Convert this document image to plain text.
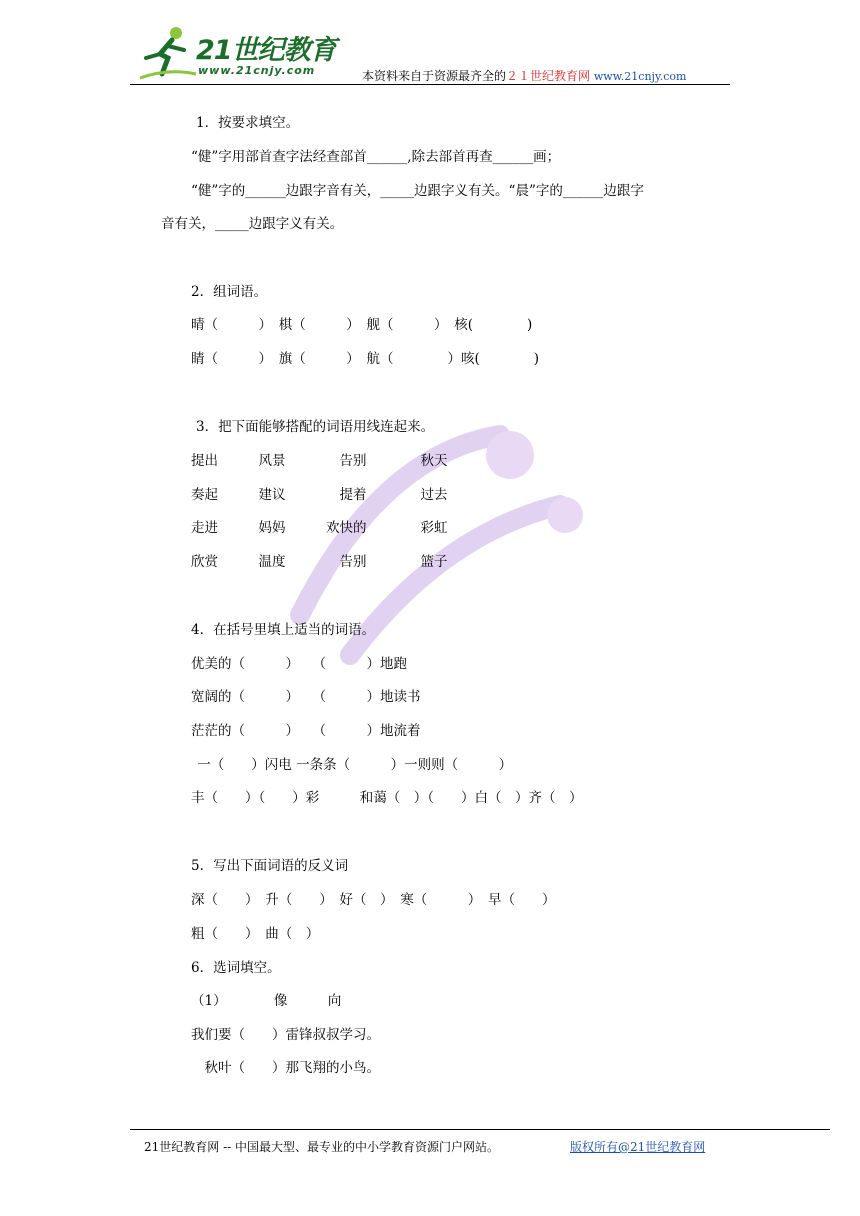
21世纪教育
www.21cnjy.com	本资料来自于资源最齐全的２１世纪教育网 www.21cnjy.com
1．按要求填空。
“健”字用部首查字法经查部首______,除去部首再查______画；
“健”字的______边跟字音有关，_____边跟字义有关。“晨”字的______边跟字
音有关，_____边跟字义有关。
2．组词语。
晴（　　　）　棋（　　　）　舰（　　　）　核(　　　　)
睛（　　　）　旗（　　　）　航（　　　　）咳(　　　　)
3．把下面能够搭配的词语用线连起来。
提出　　　风景　　　　告别　　　　秋天
奏起　　　建议　　　　提着　　　　过去
走进　　　妈妈　　　欢快的　　　　彩虹
欣赏　　　温度　　　　告别　　　　篮子
4．在括号里填上适当的词语。
优美的（　　　）　　（　　　）地跑
宽阔的（　　　）　　（　　　）地读书
茫茫的（　　　）　　（　　　）地流着
一（　　）闪电 一条条（　　　）一则则（　　　）
丰（　　）（　　）彩　　　和蔼（　）（　　）白（　）齐（　）
5．写出下面词语的反义词
深（　　）　升（　　）　好（　）　寒（　　　）　早（　　）
粗（　　）　曲（　）
6．选词填空。
（1）　　　　像　　　向
我们要（　　）雷锋叔叔学习。
　秋叶（　　）那飞翔的小鸟。
21世纪教育网 -- 中国最大型、最专业的中小学教育资源门户网站。	版权所有@21世纪教育网
